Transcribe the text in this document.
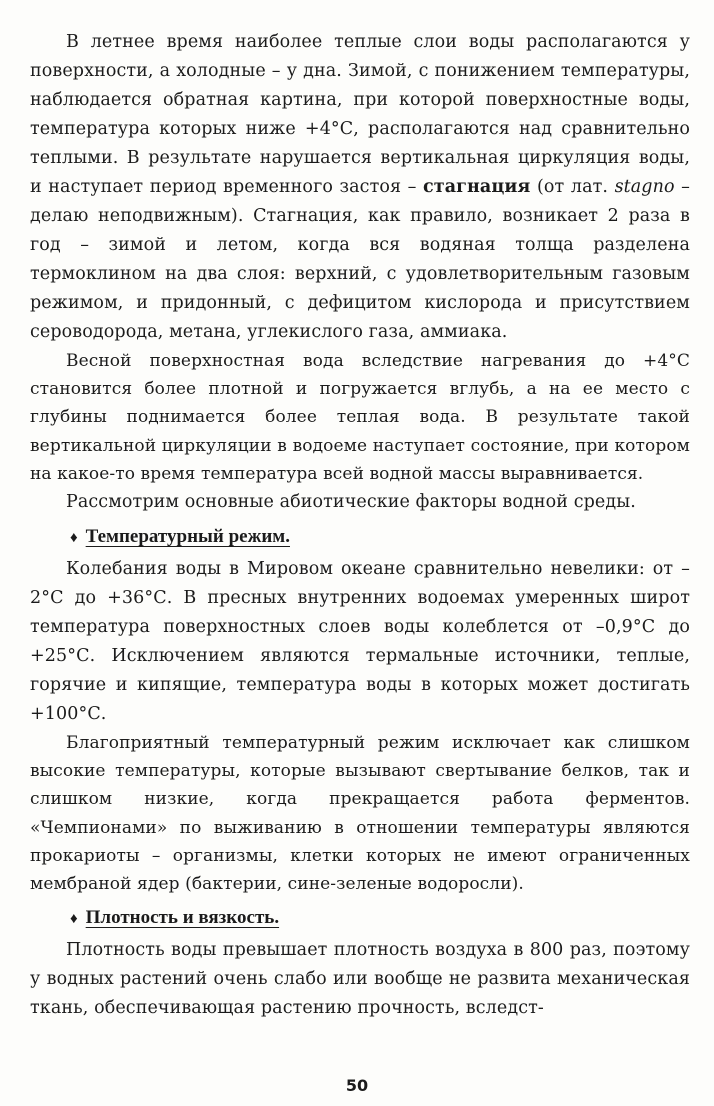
В летнее время наиболее теплые слои воды располагаются у поверхности, а холодные – у дна. Зимой, с понижением температуры, наблюдается обратная картина, при которой поверхностные воды, температура которых ниже +4°С, располагаются над сравнительно теплыми. В результате нарушается вертикальная циркуляция воды, и наступает период временного застоя – стагнация (от лат. stagno – делаю неподвижным). Стагнация, как правило, возникает 2 раза в год – зимой и летом, когда вся водяная толща разделена термоклином на два слоя: верхний, с удовлетворительным газовым режимом, и придонный, с дефицитом кислорода и присутствием сероводорода, метана, углекислого газа, аммиака.

Весной поверхностная вода вследствие нагревания до +4°С становится более плотной и погружается вглубь, а на ее место с глубины поднимается более теплая вода. В результате такой вертикальной циркуляции в водоеме наступает состояние, при котором на какое-то время температура всей водной массы выравнивается.

Рассмотрим основные абиотические факторы водной среды.

♦ Температурный режим.

Колебания воды в Мировом океане сравнительно невелики: от –2°С до +36°С. В пресных внутренних водоемах умеренных широт температура поверхностных слоев воды колеблется от –0,9°С до +25°С. Исключением являются термальные источники, теплые, горячие и кипящие, температура воды в которых может достигать +100°С.

Благоприятный температурный режим исключает как слишком высокие температуры, которые вызывают свертывание белков, так и слишком низкие, когда прекращается работа ферментов. «Чемпионами» по выживанию в отношении температуры являются прокариоты – организмы, клетки которых не имеют ограниченных мембраной ядер (бактерии, сине-зеленые водоросли).

♦ Плотность и вязкость.

Плотность воды превышает плотность воздуха в 800 раз, поэтому у водных растений очень слабо или вообще не развита механическая ткань, обеспечивающая растению прочность, вследст-

50
